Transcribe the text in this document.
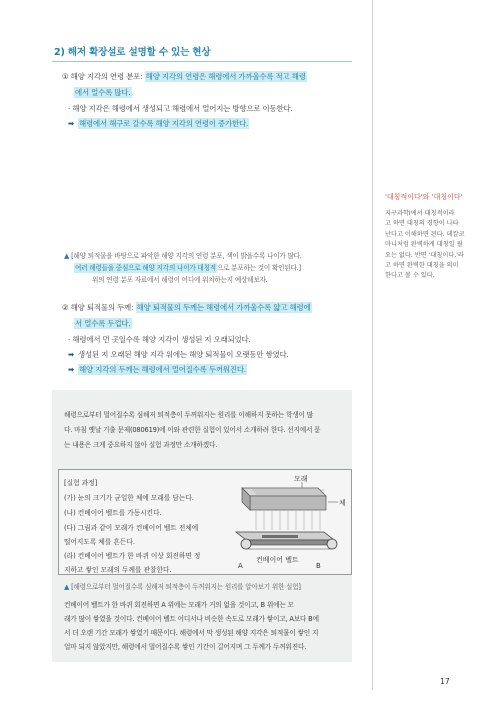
2) 해저 확장설로 설명할 수 있는 현상
① 해양 지각의 연령 분포: 해양 지각의 연령은 해령에서 가까울수록 적고 해령
에서 멀수록 많다.
· 해양 지각은 해령에서 생성되고 해령에서 멀어지는 방향으로 이동한다.
➡ 해령에서 해구로 갈수록 해양 지각의 연령이 증가한다.
▲ [해양 퇴적물을 바탕으로 파악한 해양 지각의 연령 분포, 색이 밝을수록 나이가 많다.
여러 해령들을 중심으로 해양 지각의 나이가 대칭적으로 분포하는 것이 확인된다.]
위의 연령 분포 자료에서 해령이 어디에 위치하는지 예상해보자.
'대칭적이다'와 '대칭이다'
지구과학Ⅰ에서 대칭적이라
고 하면 대칭의 경향이 나타
난다고 이해하면 된다. 데칼코
마니처럼 완벽하게 대칭일 필
요는 없다. 반면 '대칭이다.'라
고 하면 완벽한 대칭을 의미
한다고 볼 수 있다.
② 해양 퇴적물의 두께: 해양 퇴적물의 두께는 해령에서 가까울수록 얇고 해령에
서 멀수록 두껍다.
· 해령에서 먼 곳일수록 해양 지각이 생성된 지 오래되었다.
➡ 생성된 지 오래된 해양 지각 위에는 해양 퇴적물이 오랫동안 쌓였다.
➡ 해양 지각의 두께는 해령에서 멀어질수록 두꺼워진다.
해령으로부터 멀어질수록 심해저 퇴적층이 두꺼워지는 원리를 이해하지 못하는 학생이 많
다. 마침 옛날 기출 문제(080619)에 이와 관련한 실험이 있어서 소개하려 한다. 선지에서 묻
는 내용은 크게 중요하지 않아 실험 과정만 소개하겠다.
[실험 과정]
(가) 눈의 크기가 균일한 체에 모래를 담는다.
(나) 컨베이어 벨트를 가동시킨다.
(다) 그림과 같이 모래가 컨베이어 벨트 전체에
떨어지도록 체를 흔든다.
(라) 컨베이어 벨트가 한 바퀴 이상 회전하면 정
지하고 쌓인 모래의 두께를 관찰한다.
모래
체
컨베이어 벨트
A	B
▲ [해령으로부터 멀어질수록 심해저 퇴적층이 두꺼워지는 원리를 알아보기 위한 실험]
컨베이어 벨트가 한 바퀴 회전하면 A 위에는 모래가 거의 없을 것이고, B 위에는 모
래가 많이 쌓였을 것이다. 컨베이어 벨트 어디서나 비슷한 속도로 모래가 쌓이고, A보다 B에
서 더 오랜 기간 모래가 쌓였기 때문이다. 해령에서 막 생성된 해양 지각은 퇴적물이 쌓인 지
얼마 되지 않았지만, 해령에서 멀어질수록 쌓인 기간이 길어지며 그 두께가 두꺼워진다.
17
